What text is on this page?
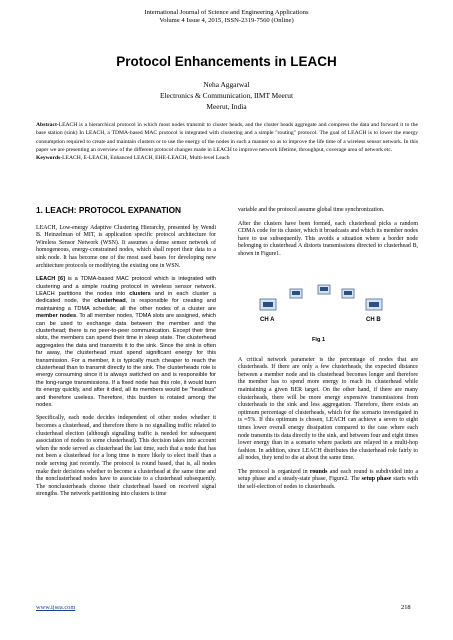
International Journal of Science and Engineering Applications
Volume 4 Issue 4, 2015, ISSN-2319-7560 (Online)
Protocol Enhancements in LEACH
Neha Aggarwal
Electronics & Communication, IIMT Meerut
Meerut, India
Abstract-LEACH is a hierarchical protocol in which most nodes transmit to cluster heads, and the cluster heads aggregate and compress the data and forward it to the base station (sink) In LEACH, a TDMA-based MAC protocol is integrated with clustering and a simple "routing" protocol. The goal of LEACH is to lower the energy consumption required to create and maintain clusters or to use the energy of the nodes in such a manner so as to improve the life time of a wireless sensor network. In this paper we are presenting an overview of the different protocol changes made in LEACH to improve network lifetime, throughput, coverage area of network etc.
Keywords-LEACH, E-LEACH, Enhanced LEACH, EHE-LEACH, Multi-level Leach
1. LEACH: PROTOCOL EXPANATION

LEACH, Low-energy Adaptive Clustering Hierarchy, presented by Wendi B. Heinzelman of MIT, is application specific protocol architecture for Wireless Sensor Network (WSN). It assumes a dense sensor network of homogeneous, energy-constrained nodes, which shall report their data to a sink node. It has become one of the most used bases for developing new architecture protocols or modifying the existing one in WSN.

LEACH [6] is a TDMA-based MAC protocol which is integrated with clustering and a simple routing protocol in wireless sensor network. LEACH partitions the nodes into clusters and in each cluster a dedicated node, the clusterhead, is responsible for creating and maintaining a TDMA schedule; all the other nodes of a cluster are member nodes. To all member nodes, TDMA slots are assigned, which can be used to exchange data between the member and the clusterhead; there is no peer-to-peer communication. Except their time slots, the members can spend their time in sleep state. The clusterhead aggregates the data and transmits it to the sink. Since the sink is often far away, the clusterhead must spend significant energy for this transmission. For a member, it is typically much cheaper to reach the clusterhead than to transmit directly to the sink. The clusterheads role is energy consuming since it is always switched on and is responsible for the long-range transmissions. If a fixed node has this role, it would burn its energy quickly, and after it died, all its members would be "headless" and therefore useless. Therefore, this burden is rotated among the nodes.

Specifically, each node decides independent of other nodes whether it becomes a clusterhead, and therefore there is no signalling traffic related to clusterhead election (although signalling traffic is needed for subsequent association of nodes to some clusterhead). This decision takes into account when the node served as clusterhead the last time, such that a node that has not been a clusterhead for a long time is more likely to elect itself than a node serving just recently. The protocol is round based, that is, all nodes make their decisions whether to become a clusterhead at the same time and the nonclusterhead nodes have to associate to a clusterhead subsequently. The nonclusterheads choose their clusterhead based on received signal strengths. The network partitioning into clusters is time

variable and the protocol assume global time synchronization.

After the clusters have been formed, each clusterhead picks a random CDMA code for its cluster, which it broadcasts and which its member nodes have to use subsequently. This avoids a situation where a border node belonging to clusterhead A distorts transmissions directed to clusterhead B, shown in Figure1.

CH A	CH B
Fig 1

A critical network parameter is the percentage of nodes that are clusterheads. If there are only a few clusterheads, the expected distance between a member node and its clusterhead becomes longer and therefore the member has to spend more energy to reach its clusterhead while maintaining a given BER target. On the other hand, if there are many clusterheads, there will be more energy expensive transmissions from clusterheads to the sink and less aggregation. Therefore, there exists an optimum percentage of clusterheads, which for the scenario investigated in is ≈5%. If this optimum is chosen, LEACH can achieve a seven to eight times lower overall energy dissipation compared to the case where each node transmits its data directly to the sink, and between four and eight times lower energy than in a scenario where packets are relayed in a multi-hop fashion. In addition, since LEACH distributes the clusterhead role fairly to all nodes, they tend to die at about the same time.

The protocol is organized in rounds and each round is subdivided into a setup phase and a steady-state phase, Figure2. The setup phase starts with the self-election of nodes to clusterheads.

www.ijsea.com	218
